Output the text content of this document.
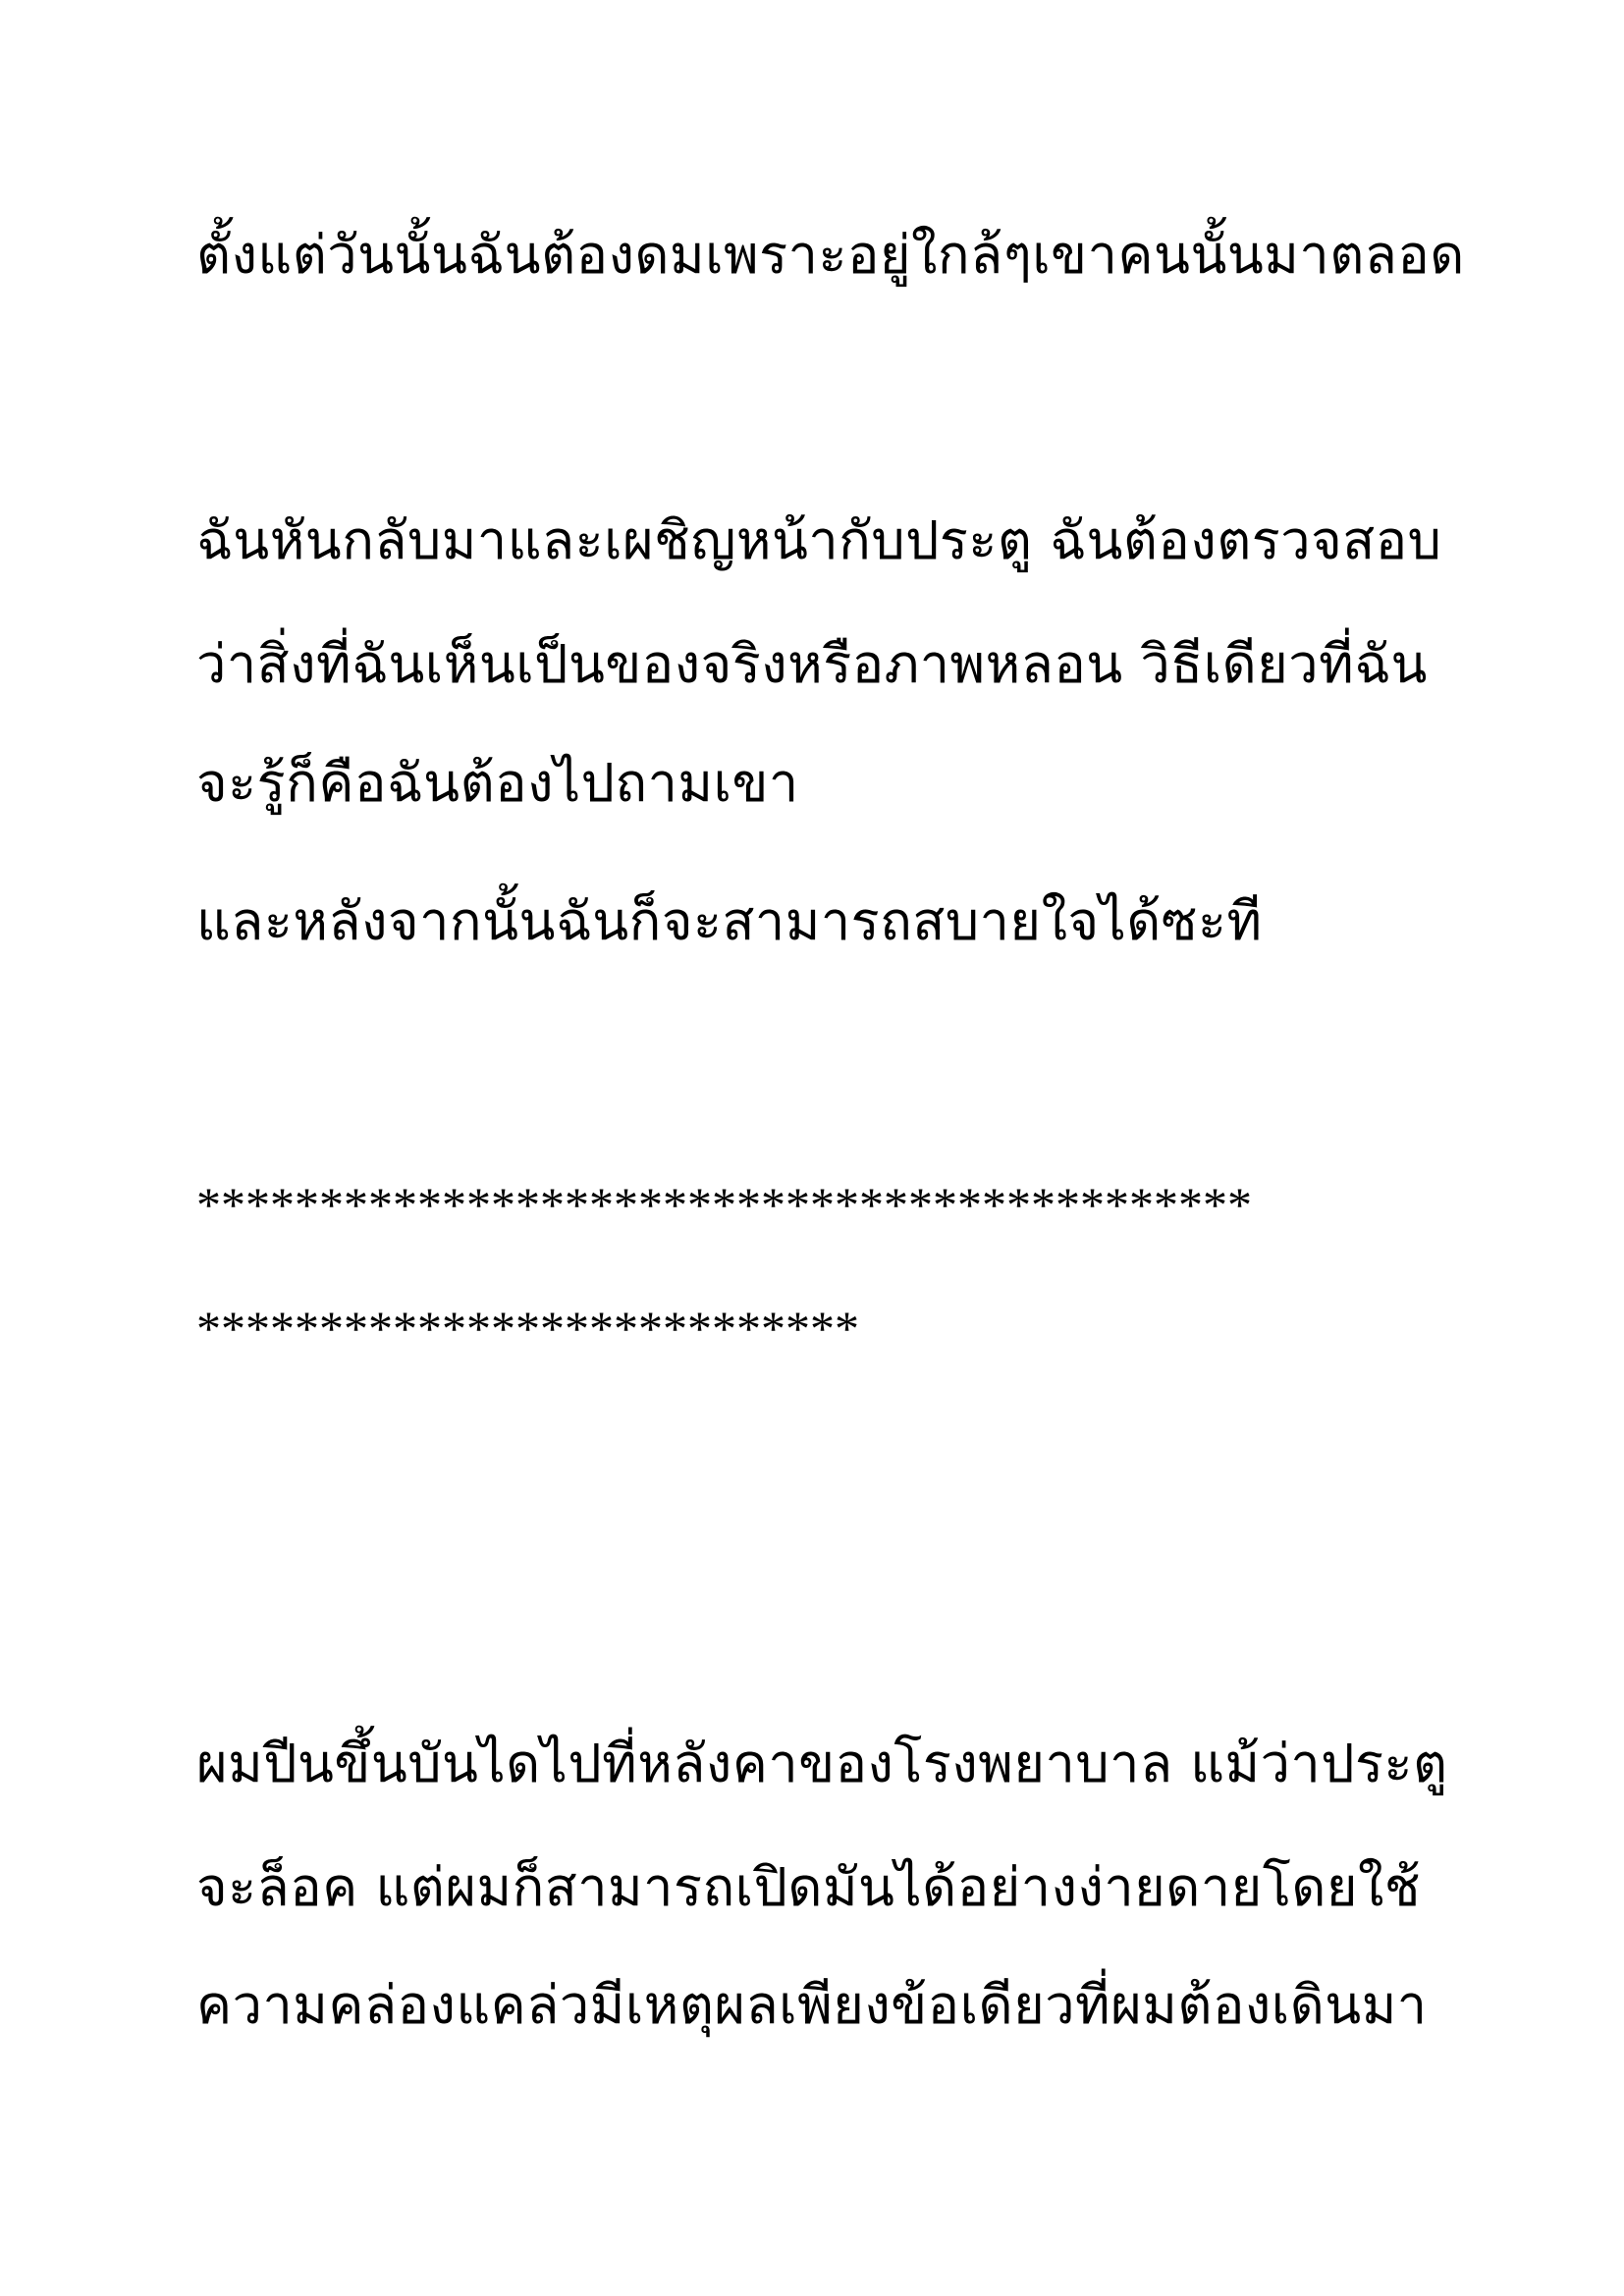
ตั้งแต่วันนั้นฉันต้องดมเพราะอยู่ใกล้ๆเขาคนนั้นมาตลอด
ฉันหันกลับมาและเผชิญหน้ากับประตู ฉันต้องตรวจสอบ
ว่าสิ่งที่ฉันเห็นเป็นของจริงหรือภาพหลอน วิธีเดียวที่ฉัน
จะรู้ก็คือฉันต้องไปถามเขา
และหลังจากนั้นฉันก็จะสามารถสบายใจได้ซะที
*******************************************
***************************
ผมปีนขึ้นบันไดไปที่หลังคาของโรงพยาบาล แม้ว่าประตู
จะล็อค แต่ผมก็สามารถเปิดมันได้อย่างง่ายดายโดยใช้
ความคล่องแคล่วมีเหตุผลเพียงข้อเดียวที่ผมต้องเดินมา
